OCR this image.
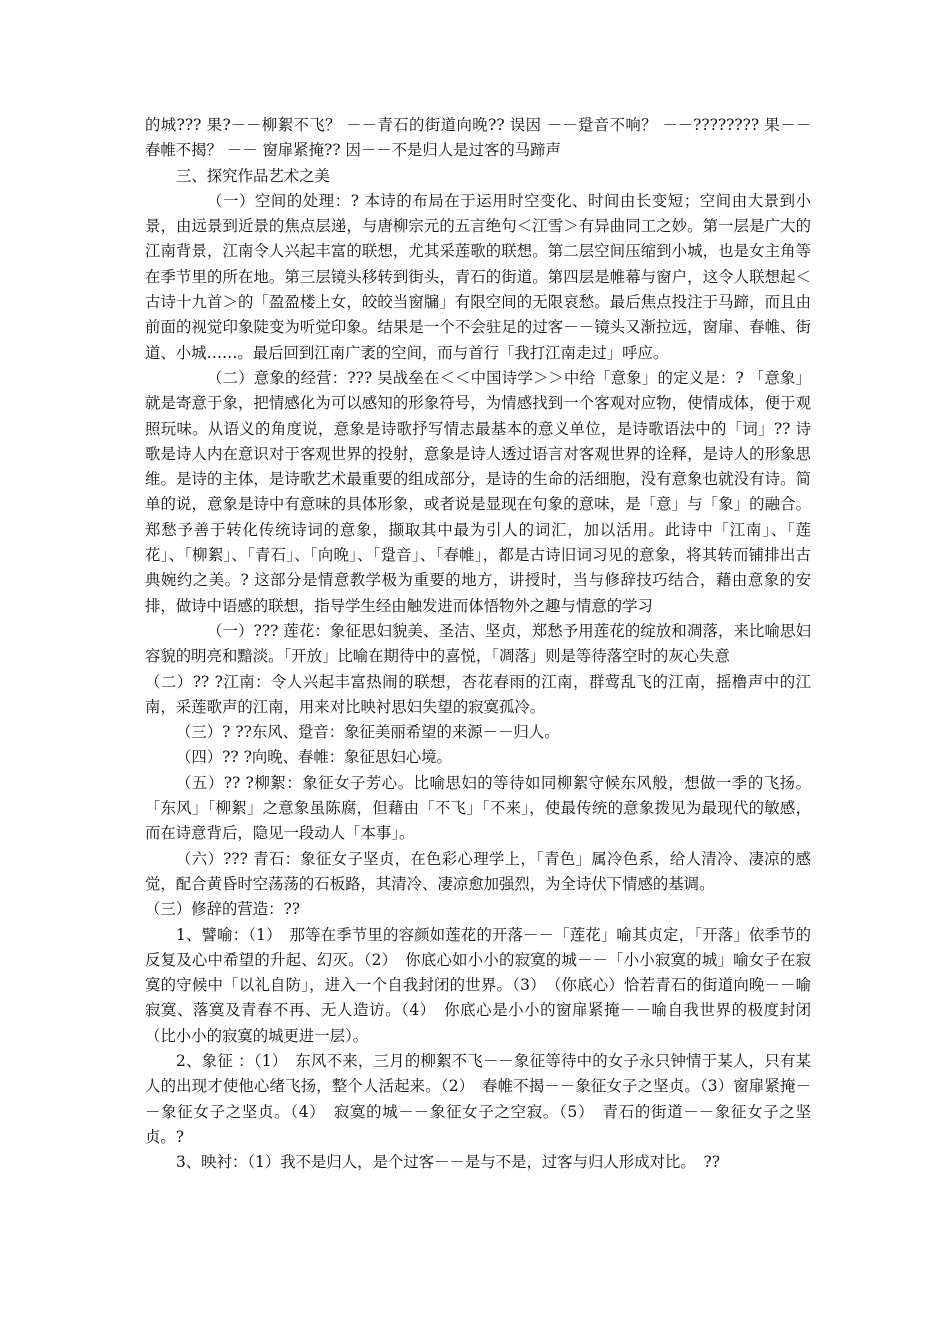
的城??? 果?－－柳絮不飞？ －－青石的街道向晚?? 误因 －－跫音不响？ －－???????? 果－－春帷不揭？ －－ 窗扉紧掩?? 因－－不是归人是过客的马蹄声

三、探究作品艺术之美

（一）空间的处理：? 本诗的布局在于运用时空变化、时间由长变短；空间由大景到小景，由远景到近景的焦点层递，与唐柳宗元的五言绝句＜江雪＞有异曲同工之妙。第一层是广大的江南背景，江南令人兴起丰富的联想，尤其采莲歌的联想。第二层空间压缩到小城，也是女主角等在季节里的所在地。第三层镜头移转到街头，青石的街道。第四层是帷幕与窗户，这令人联想起＜古诗十九首＞的「盈盈楼上女，皎皎当窗牖」有限空间的无限哀愁。最后焦点投注于马蹄，而且由前面的视觉印象陡变为听觉印象。结果是一个不会驻足的过客－－镜头又渐拉远，窗扉、春帷、街道、小城……。最后回到江南广袤的空间，而与首行「我打江南走过」呼应。

（二）意象的经营：??? 吴战垒在＜＜中国诗学＞＞中给「意象」的定义是：? 「意象」就是寄意于象，把情感化为可以感知的形象符号，为情感找到一个客观对应物，使情成体，便于观照玩味。从语义的角度说，意象是诗歌抒写情志最基本的意义单位，是诗歌语法中的「词」?? 诗歌是诗人内在意识对于客观世界的投射，意象是诗人透过语言对客观世界的诠释，是诗人的形象思维。是诗的主体，是诗歌艺术最重要的组成部分，是诗的生命的活细胞，没有意象也就没有诗。简单的说，意象是诗中有意味的具体形象，或者说是显现在句象的意味，是「意」与「象」的融合。郑愁予善于转化传统诗词的意象，撷取其中最为引人的词汇，加以活用。此诗中「江南」、「莲花」、「柳絮」、「青石」、「向晚」、「跫音」、「春帷」，都是古诗旧词习见的意象，将其转而铺排出古典婉约之美。? 这部分是情意教学极为重要的地方，讲授时，当与修辞技巧结合，藉由意象的安排，做诗中语感的联想，指导学生经由触发进而体悟物外之趣与情意的学习

（一）??? 莲花：象征思妇貌美、圣洁、坚贞，郑愁予用莲花的绽放和凋落，来比喻思妇容貌的明亮和黯淡。「开放」比喻在期待中的喜悦，「凋落」则是等待落空时的灰心失意

（二）?? ?江南：令人兴起丰富热闹的联想，杏花春雨的江南，群莺乱飞的江南，摇橹声中的江南，采莲歌声的江南，用来对比映衬思妇失望的寂寞孤冷。

（三）? ??东风、跫音：象征美丽希望的来源－－归人。

（四）?? ?向晚、春帷：象征思妇心境。

（五）?? ?柳絮：象征女子芳心。比喻思妇的等待如同柳絮守候东风般，想做一季的飞扬。「东风」「柳絮」之意象虽陈腐，但藉由「不飞」「不来」，使最传统的意象拨见为最现代的敏感，而在诗意背后，隐见一段动人「本事」。

（六）??? 青石：象征女子坚贞，在色彩心理学上，「青色」属冷色系，给人清冷、凄凉的感觉，配合黄昏时空荡荡的石板路，其清冷、凄凉愈加强烈，为全诗伏下情感的基调。

（三）修辞的营造：??

1、譬喻：（1）　那等在季节里的容颜如莲花的开落－－「莲花」喻其贞定，「开落」依季节的反复及心中希望的升起、幻灭。（2）　你底心如小小的寂寞的城－－「小小寂寞的城」喻女子在寂寞的守候中「以礼自防」，进入一个自我封闭的世界。（3）　（你底心）恰若青石的街道向晚－－喻寂寞、落寞及青春不再、无人造访。（4）　你底心是小小的窗扉紧掩－－喻自我世界的极度封闭（比小小的寂寞的城更进一层）。

2、象征 ：（1）　东风不来，三月的柳絮不飞－－象征等待中的女子永只钟情于某人，只有某人的出现才使他心绪飞扬，整个人活起来。（2）　春帷不揭－－象征女子之坚贞。（3）窗扉紧掩－－象征女子之坚贞。（4）　寂寞的城－－象征女子之空寂。（5）　青石的街道－－象征女子之坚贞。?

3、映衬：（1）我不是归人，是个过客－－是与不是，过客与归人形成对比。　??
